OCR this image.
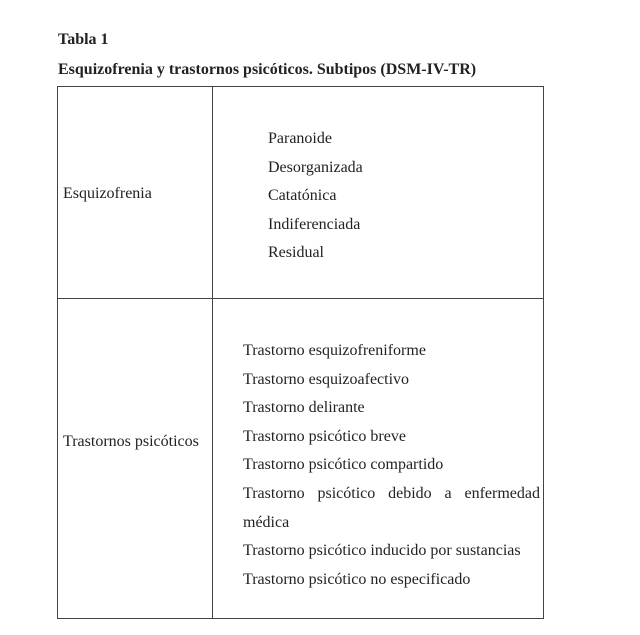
Tabla 1
Esquizofrenia y trastornos psicóticos. Subtipos (DSM-IV-TR)
Esquizofrenia
Paranoide
Desorganizada
Catatónica
Indiferenciada
Residual
Trastornos psicóticos
Trastorno esquizofreniforme
Trastorno esquizoafectivo
Trastorno delirante
Trastorno psicótico breve
Trastorno psicótico compartido
Trastorno psicótico debido a enfermedad médica
Trastorno psicótico inducido por sustancias
Trastorno psicótico no especificado
